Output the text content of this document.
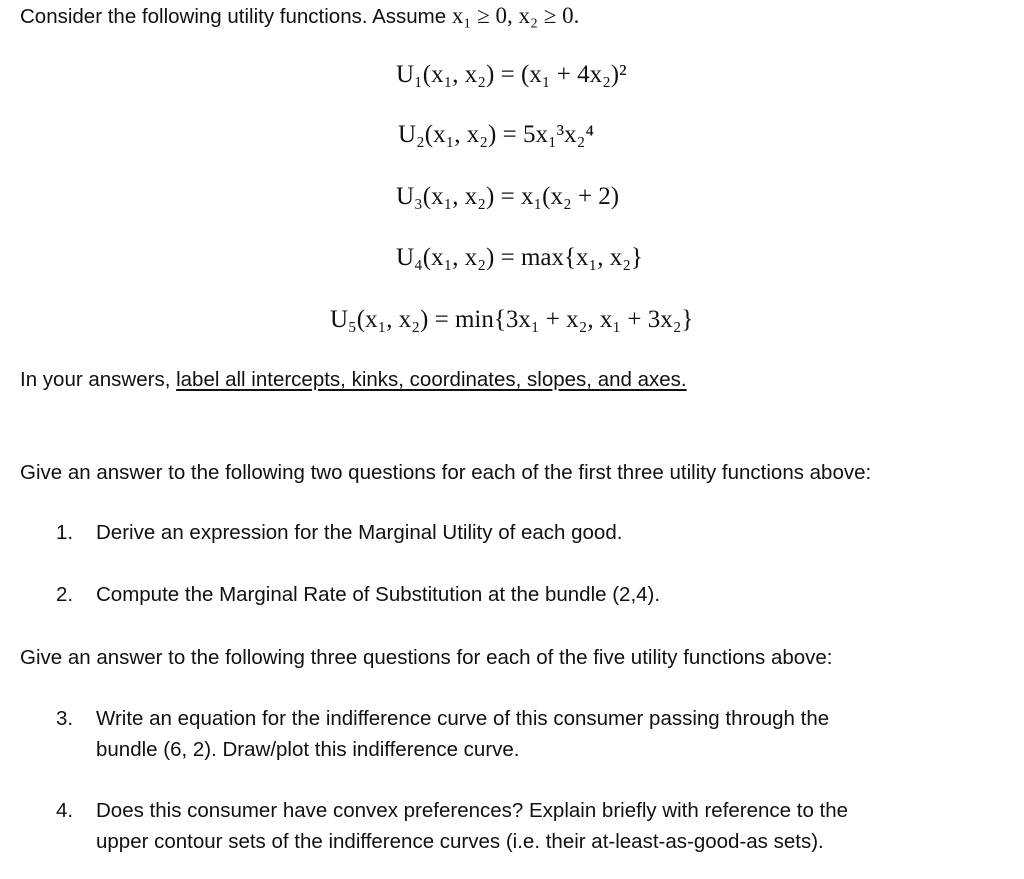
Consider the following utility functions. Assume x₁ ≥ 0, x₂ ≥ 0.
U₁(x₁, x₂) = (x₁ + 4x₂)²
U₂(x₁, x₂) = 5x₁³x₂⁴
U₃(x₁, x₂) = x₁(x₂ + 2)
U₄(x₁, x₂) = max{x₁, x₂}
U₅(x₁, x₂) = min{3x₁ + x₂, x₁ + 3x₂}
In your answers, label all intercepts, kinks, coordinates, slopes, and axes.
Give an answer to the following two questions for each of the first three utility functions above:
1.	Derive an expression for the Marginal Utility of each good.
2.	Compute the Marginal Rate of Substitution at the bundle (2,4).
Give an answer to the following three questions for each of the five utility functions above:
3.	Write an equation for the indifference curve of this consumer passing through the
bundle (6, 2). Draw/plot this indifference curve.
4.	Does this consumer have convex preferences? Explain briefly with reference to the
upper contour sets of the indifference curves (i.e. their at-least-as-good-as sets).
